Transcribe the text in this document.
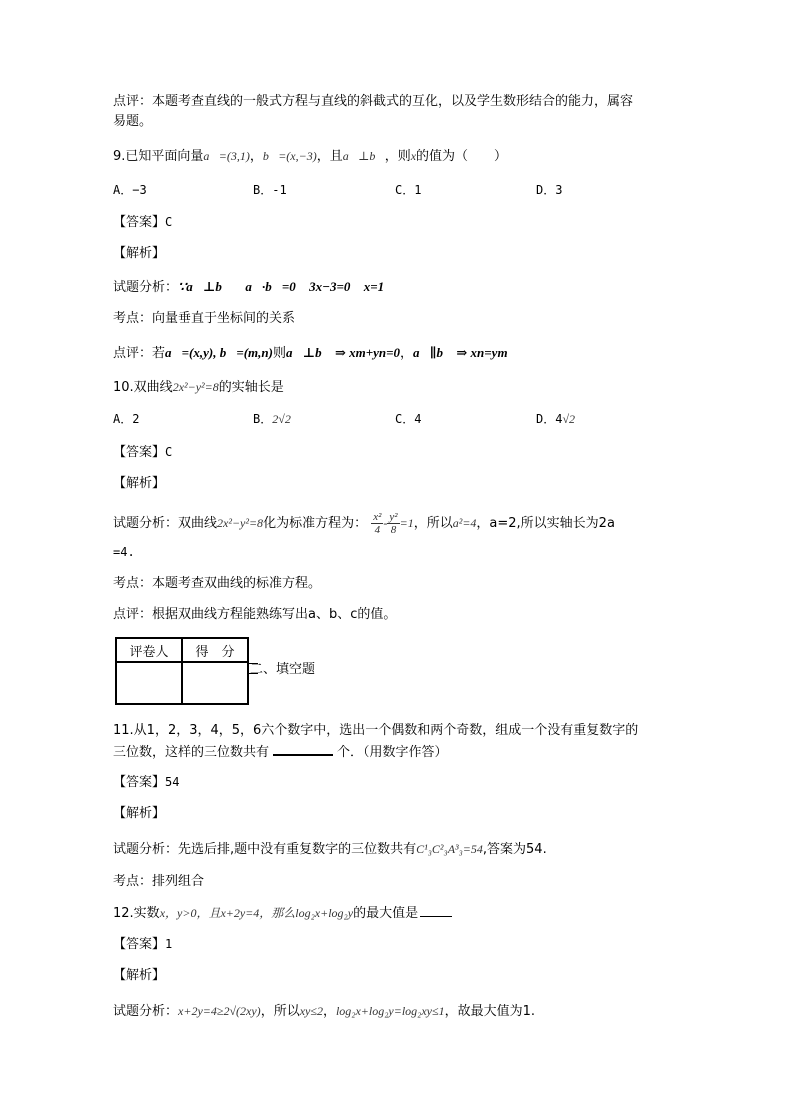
点评：本题考查直线的一般式方程与直线的斜截式的互化，以及学生数形结合的能力，属容
易题。
9.已知平面向量a⃗=(3,1)，b⃗=(x,−3)，且a⃗⊥b⃗，则x的值为（　　）
A．−3	B．-1	C．1	D．3
【答案】C
【解析】
试题分析：∵a⃗⊥b⃗ ∴a⃗·b⃗=0 ∴3x−3=0 ∴x=1
考点：向量垂直于坐标间的关系
点评：若a⃗=(x,y), b⃗=(m,n)则a⃗⊥b⃗ ⇒ xm+yn=0，a⃗∥b⃗ ⇒ xn=ym
10.双曲线2x²−y²=8的实轴长是
A．2	B．2√2	C．4	D．4√2
【答案】C
【解析】
试题分析：双曲线2x²−y²=8化为标准方程为： $\frac{\text{x²}}{4} - \frac{\text{y²}}{8} =1$，所以a²=4，a=2,所以实轴长为2a
=4.
考点：本题考查双曲线的标准方程。
点评：根据双曲线方程能熟练写出a、b、c的值。
评卷人	得　分

二、填空题
11.从1，2，3，4，5，6六个数字中，选出一个偶数和两个奇数，组成一个没有重复数字的
三位数，这样的三位数共有	个．（用数字作答）
【答案】54
【解析】
试题分析：先选后排,题中没有重复数字的三位数共有C¹₃C²₃A³₃=54,答案为54.
考点：排列组合
12.实数x，y>0，且x+2y=4，那么log₂x+log₂y的最大值是
【答案】1
【解析】
试题分析：x+2y=4≥2√(2xy)，所以xy≤2，log₂x+log₂y=log₂xy≤1，故最大值为1.
